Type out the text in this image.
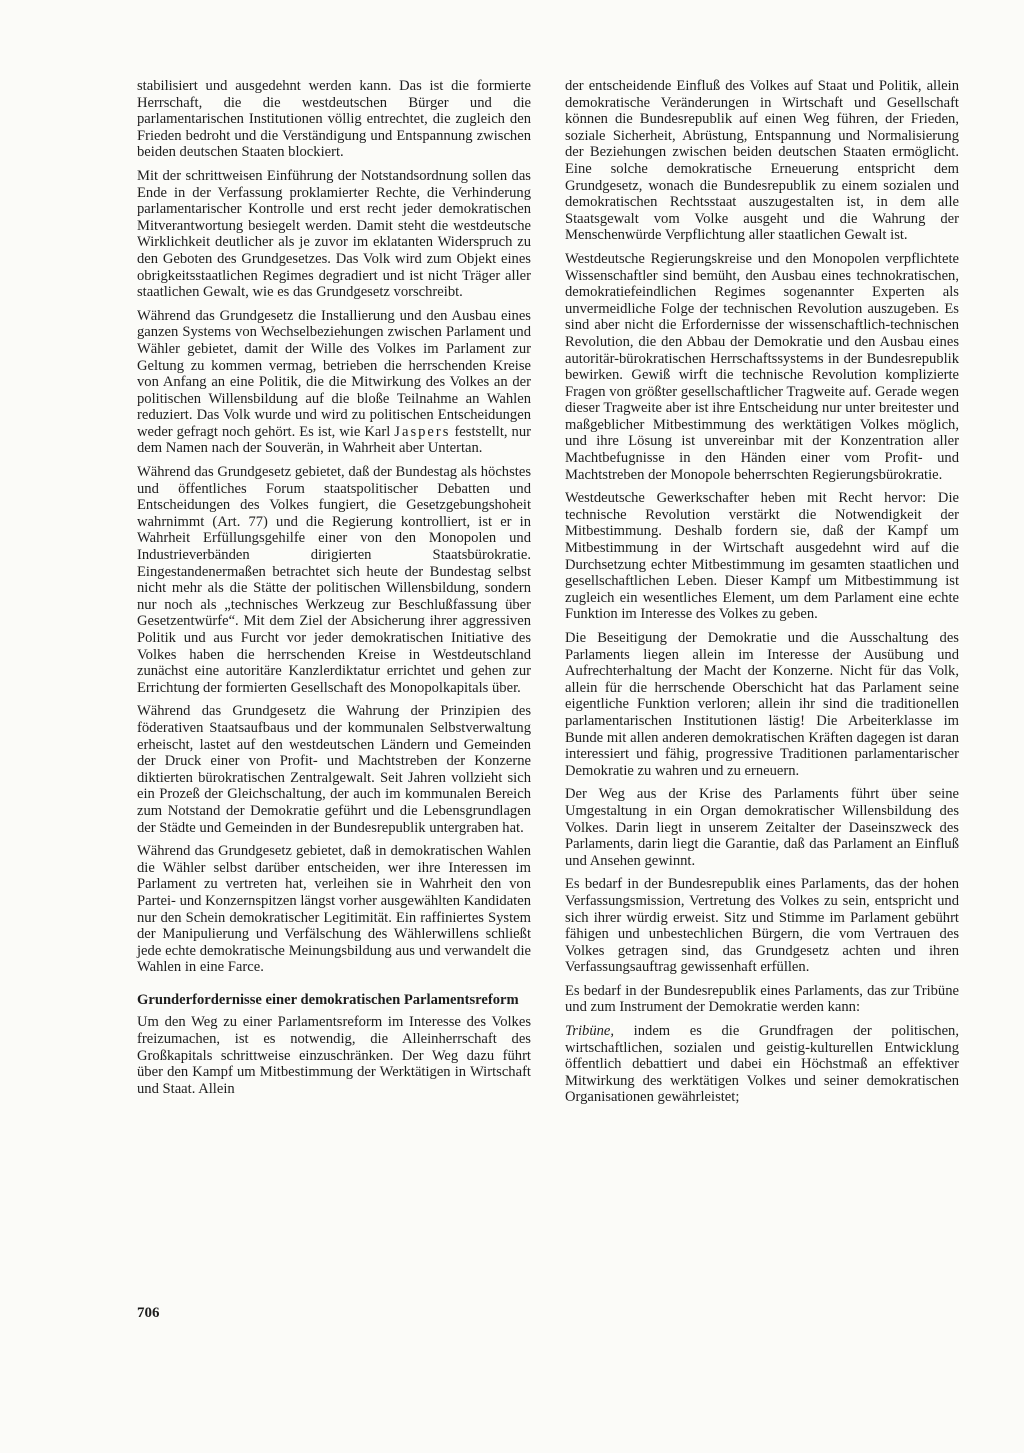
stabilisiert und ausgedehnt werden kann. Das ist die formierte Herrschaft, die die westdeutschen Bürger und die parlamentarischen Institutionen völlig entrechtet, die zugleich den Frieden bedroht und die Verständigung und Entspannung zwischen beiden deutschen Staaten blockiert.

Mit der schrittweisen Einführung der Notstandsordnung sollen das Ende in der Verfassung proklamierter Rechte, die Verhinderung parlamentarischer Kontrolle und erst recht jeder demokratischen Mitverantwortung besiegelt werden. Damit steht die westdeutsche Wirklichkeit deutlicher als je zuvor im eklatanten Widerspruch zu den Geboten des Grundgesetzes. Das Volk wird zum Objekt eines obrigkeitsstaatlichen Regimes degradiert und ist nicht Träger aller staatlichen Gewalt, wie es das Grundgesetz vorschreibt.

Während das Grundgesetz die Installierung und den Ausbau eines ganzen Systems von Wechselbeziehungen zwischen Parlament und Wähler gebietet, damit der Wille des Volkes im Parlament zur Geltung zu kommen vermag, betrieben die herrschenden Kreise von Anfang an eine Politik, die die Mitwirkung des Volkes an der politischen Willensbildung auf die bloße Teilnahme an Wahlen reduziert. Das Volk wurde und wird zu politischen Entscheidungen weder gefragt noch gehört. Es ist, wie Karl Jaspers feststellt, nur dem Namen nach der Souverän, in Wahrheit aber Untertan.

Während das Grundgesetz gebietet, daß der Bundestag als höchstes und öffentliches Forum staatspolitischer Debatten und Entscheidungen des Volkes fungiert, die Gesetzgebungshoheit wahrnimmt (Art. 77) und die Regierung kontrolliert, ist er in Wahrheit Erfüllungsgehilfe einer von den Monopolen und Industrieverbänden dirigierten Staatsbürokratie. Eingestandenermaßen betrachtet sich heute der Bundestag selbst nicht mehr als die Stätte der politischen Willensbildung, sondern nur noch als „technisches Werkzeug zur Beschlußfassung über Gesetzentwürfe“. Mit dem Ziel der Absicherung ihrer aggressiven Politik und aus Furcht vor jeder demokratischen Initiative des Volkes haben die herrschenden Kreise in Westdeutschland zunächst eine autoritäre Kanzlerdiktatur errichtet und gehen zur Errichtung der formierten Gesellschaft des Monopolkapitals über.

Während das Grundgesetz die Wahrung der Prinzipien des föderativen Staatsaufbaus und der kommunalen Selbstverwaltung erheischt, lastet auf den westdeutschen Ländern und Gemeinden der Druck einer von Profit- und Machtstreben der Konzerne diktierten bürokratischen Zentralgewalt. Seit Jahren vollzieht sich ein Prozeß der Gleichschaltung, der auch im kommunalen Bereich zum Notstand der Demokratie geführt und die Lebensgrundlagen der Städte und Gemeinden in der Bundesrepublik untergraben hat.

Während das Grundgesetz gebietet, daß in demokratischen Wahlen die Wähler selbst darüber entscheiden, wer ihre Interessen im Parlament zu vertreten hat, verleihen sie in Wahrheit den von Partei- und Konzernspitzen längst vorher ausgewählten Kandidaten nur den Schein demokratischer Legitimität. Ein raffiniertes System der Manipulierung und Verfälschung des Wählerwillens schließt jede echte demokratische Meinungsbildung aus und verwandelt die Wahlen in eine Farce.

Grunderfordernisse einer demokratischen Parlamentsreform

Um den Weg zu einer Parlamentsreform im Interesse des Volkes freizumachen, ist es notwendig, die Alleinherrschaft des Großkapitals schrittweise einzuschränken. Der Weg dazu führt über den Kampf um Mitbestimmung der Werktätigen in Wirtschaft und Staat. Allein

der entscheidende Einfluß des Volkes auf Staat und Politik, allein demokratische Veränderungen in Wirtschaft und Gesellschaft können die Bundesrepublik auf einen Weg führen, der Frieden, soziale Sicherheit, Abrüstung, Entspannung und Normalisierung der Beziehungen zwischen beiden deutschen Staaten ermöglicht. Eine solche demokratische Erneuerung entspricht dem Grundgesetz, wonach die Bundesrepublik zu einem sozialen und demokratischen Rechtsstaat auszugestalten ist, in dem alle Staatsgewalt vom Volke ausgeht und die Wahrung der Menschenwürde Verpflichtung aller staatlichen Gewalt ist.

Westdeutsche Regierungskreise und den Monopolen verpflichtete Wissenschaftler sind bemüht, den Ausbau eines technokratischen, demokratiefeindlichen Regimes sogenannter Experten als unvermeidliche Folge der technischen Revolution auszugeben. Es sind aber nicht die Erfordernisse der wissenschaftlich-technischen Revolution, die den Abbau der Demokratie und den Ausbau eines autoritär-bürokratischen Herrschaftssystems in der Bundesrepublik bewirken. Gewiß wirft die technische Revolution komplizierte Fragen von größter gesellschaftlicher Tragweite auf. Gerade wegen dieser Tragweite aber ist ihre Entscheidung nur unter breitester und maßgeblicher Mitbestimmung des werktätigen Volkes möglich, und ihre Lösung ist unvereinbar mit der Konzentration aller Machtbefugnisse in den Händen einer vom Profit- und Machtstreben der Monopole beherrschten Regierungsbürokratie.

Westdeutsche Gewerkschafter heben mit Recht hervor: Die technische Revolution verstärkt die Notwendigkeit der Mitbestimmung. Deshalb fordern sie, daß der Kampf um Mitbestimmung in der Wirtschaft ausgedehnt wird auf die Durchsetzung echter Mitbestimmung im gesamten staatlichen und gesellschaftlichen Leben. Dieser Kampf um Mitbestimmung ist zugleich ein wesentliches Element, um dem Parlament eine echte Funktion im Interesse des Volkes zu geben.

Die Beseitigung der Demokratie und die Ausschaltung des Parlaments liegen allein im Interesse der Ausübung und Aufrechterhaltung der Macht der Konzerne. Nicht für das Volk, allein für die herrschende Oberschicht hat das Parlament seine eigentliche Funktion verloren; allein ihr sind die traditionellen parlamentarischen Institutionen lästig! Die Arbeiterklasse im Bunde mit allen anderen demokratischen Kräften dagegen ist daran interessiert und fähig, progressive Traditionen parlamentarischer Demokratie zu wahren und zu erneuern.

Der Weg aus der Krise des Parlaments führt über seine Umgestaltung in ein Organ demokratischer Willensbildung des Volkes. Darin liegt in unserem Zeitalter der Daseinszweck des Parlaments, darin liegt die Garantie, daß das Parlament an Einfluß und Ansehen gewinnt.

Es bedarf in der Bundesrepublik eines Parlaments, das der hohen Verfassungsmission, Vertretung des Volkes zu sein, entspricht und sich ihrer würdig erweist. Sitz und Stimme im Parlament gebührt fähigen und unbestechlichen Bürgern, die vom Vertrauen des Volkes getragen sind, das Grundgesetz achten und ihren Verfassungsauftrag gewissenhaft erfüllen.

Es bedarf in der Bundesrepublik eines Parlaments, das zur Tribüne und zum Instrument der Demokratie werden kann:

Tribüne, indem es die Grundfragen der politischen, wirtschaftlichen, sozialen und geistig-kulturellen Entwicklung öffentlich debattiert und dabei ein Höchstmaß an effektiver Mitwirkung des werktätigen Volkes und seiner demokratischen Organisationen gewährleistet;

706
